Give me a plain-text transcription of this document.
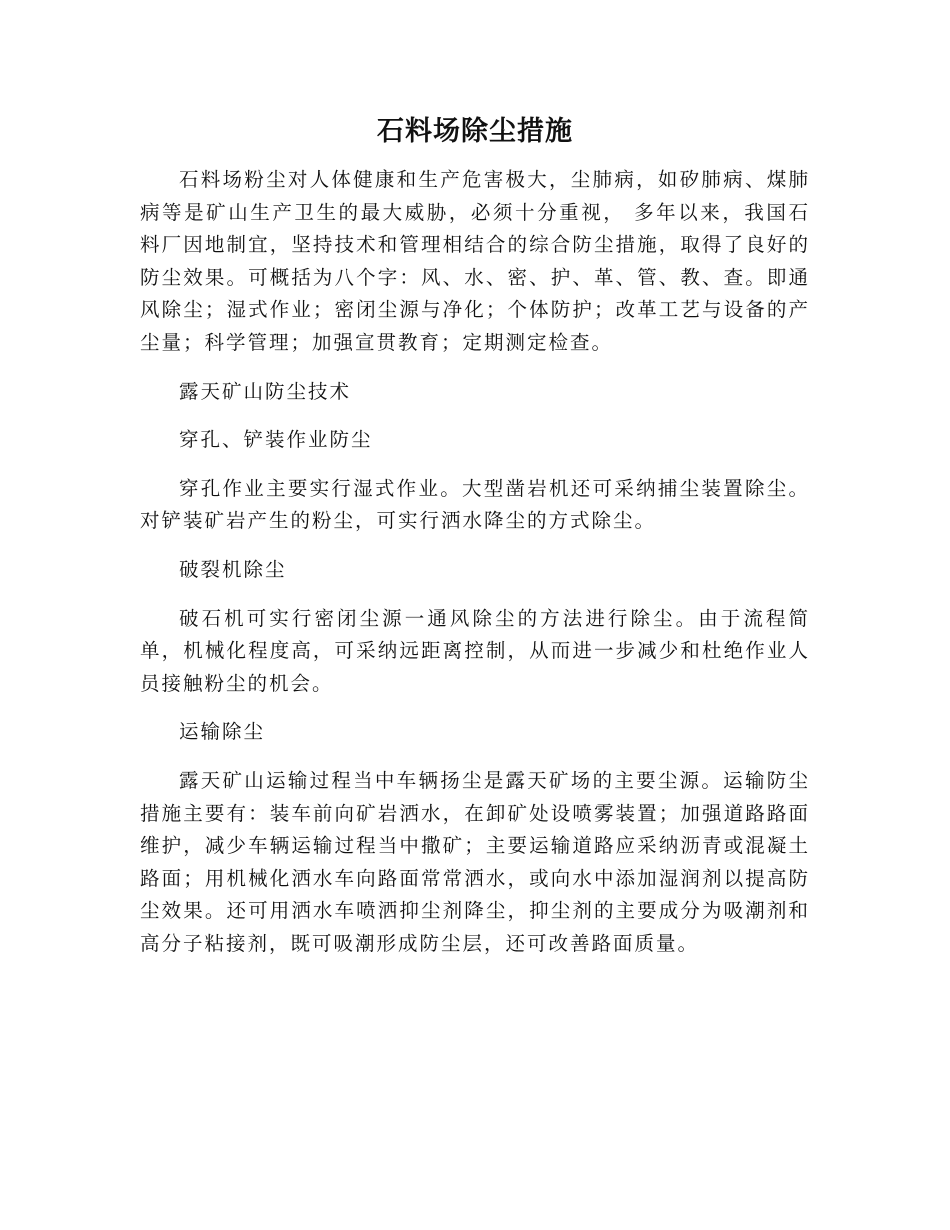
石料场除尘措施

石料场粉尘对人体健康和生产危害极大，尘肺病，如矽肺病、煤肺病等是矿山生产卫生的最大威胁，必须十分重视， 多年以来，我国石料厂因地制宜，坚持技术和管理相结合的综合防尘措施，取得了良好的防尘效果。可概括为八个字：风、水、密、护、革、管、教、查。即通风除尘；湿式作业；密闭尘源与净化；个体防护；改革工艺与设备的产尘量；科学管理；加强宣贯教育；定期测定检查。

露天矿山防尘技术

穿孔、铲装作业防尘

穿孔作业主要实行湿式作业。大型凿岩机还可采纳捕尘装置除尘。对铲装矿岩产生的粉尘，可实行洒水降尘的方式除尘。

破裂机除尘

破石机可实行密闭尘源一通风除尘的方法进行除尘。由于流程简单，机械化程度高，可采纳远距离控制，从而进一步减少和杜绝作业人员接触粉尘的机会。

运输除尘

露天矿山运输过程当中车辆扬尘是露天矿场的主要尘源。运输防尘措施主要有：装车前向矿岩洒水，在卸矿处设喷雾装置；加强道路路面维护，减少车辆运输过程当中撒矿；主要运输道路应采纳沥青或混凝土路面；用机械化洒水车向路面常常洒水，或向水中添加湿润剂以提高防尘效果。还可用洒水车喷洒抑尘剂降尘，抑尘剂的主要成分为吸潮剂和高分子粘接剂，既可吸潮形成防尘层，还可改善路面质量。
